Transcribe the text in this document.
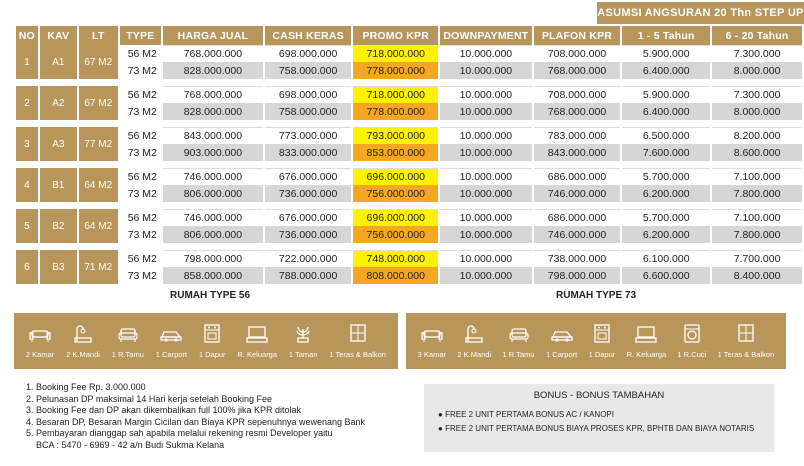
ASUMSI ANGSURAN 20 Thn STEP UP
NO	KAV	LT	TYPE	HARGA JUAL	CASH KERAS	PROMO KPR	DOWNPAYMENT	PLAFON KPR	1 - 5 Tahun	6 - 20 Tahun
1	A1	67 M2	56 M2	768.000.000	698.000.000	718.000.000	10.000.000	708.000.000	5.900.000	7.300.000
			73 M2	828.000.000	758.000.000	778.000.000	10.000.000	768.000.000	6.400.000	8.000.000

2	A2	67 M2	56 M2	768.000.000	698.000.000	718.000.000	10.000.000	708.000.000	5.900.000	7.300.000
			73 M2	828.000.000	758.000.000	778.000.000	10.000.000	768.000.000	6.400.000	8.000.000

3	A3	77 M2	56 M2	843.000.000	773.000.000	793.000.000	10.000.000	783.000.000	6.500.000	8.200.000
			73 M2	903.000.000	833.000.000	853.000.000	10.000.000	843.000.000	7.600.000	8.600.000

4	B1	64 M2	56 M2	746.000.000	676.000.000	696.000.000	10.000.000	686.000.000	5.700.000	7.100.000
			73 M2	806.000.000	736.000.000	756.000.000	10.000.000	746.000.000	6.200.000	7.800.000

5	B2	64 M2	56 M2	746.000.000	676.000.000	696.000.000	10.000.000	686.000.000	5.700.000	7.100.000
			73 M2	806.000.000	736.000.000	756.000.000	10.000.000	746.000.000	6.200.000	7.800.000

6	B3	71 M2	56 M2	798.000.000	722.000.000	748.000.000	10.000.000	738.000.000	6.100.000	7.700.000
			73 M2	858.000.000	788.000.000	808.000.000	10.000.000	798.000.000	6.600.000	8.400.000
RUMAH TYPE 56	RUMAH TYPE 73
2 Kamar 2 K.Mandi 1 R.Tamu 1 Carport 1 Dapur R. Keluarga 1 Taman 1 Teras & Balkon	3 Kamar 2 K.Mandi 1 R.Tamu 1 Carport 1 Dapur R. Keluarga 1 R.Cuci 1 Teras & Balkon
1. Booking Fee Rp. 3.000.000
2. Pelunasan DP maksimal 14 Hari kerja setelah Booking Fee
3. Booking Fee dan DP akan dikembalikan full 100% jika KPR ditolak
4. Besaran DP, Besaran Margin Cicilan dan Biaya KPR sepenuhnya wewenang Bank
5. Pembayaran dianggap sah apabila melalui rekening resmi Developer yaitu
BCA : 5470 - 6969 - 42 a/n Budi Sukma Kelana
BONUS - BONUS TAMBAHAN
● FREE 2 UNIT PERTAMA BONUS AC / KANOPI
● FREE 2 UNIT PERTAMA BONUS BIAYA PROSES KPR, BPHTB DAN BIAYA NOTARIS
